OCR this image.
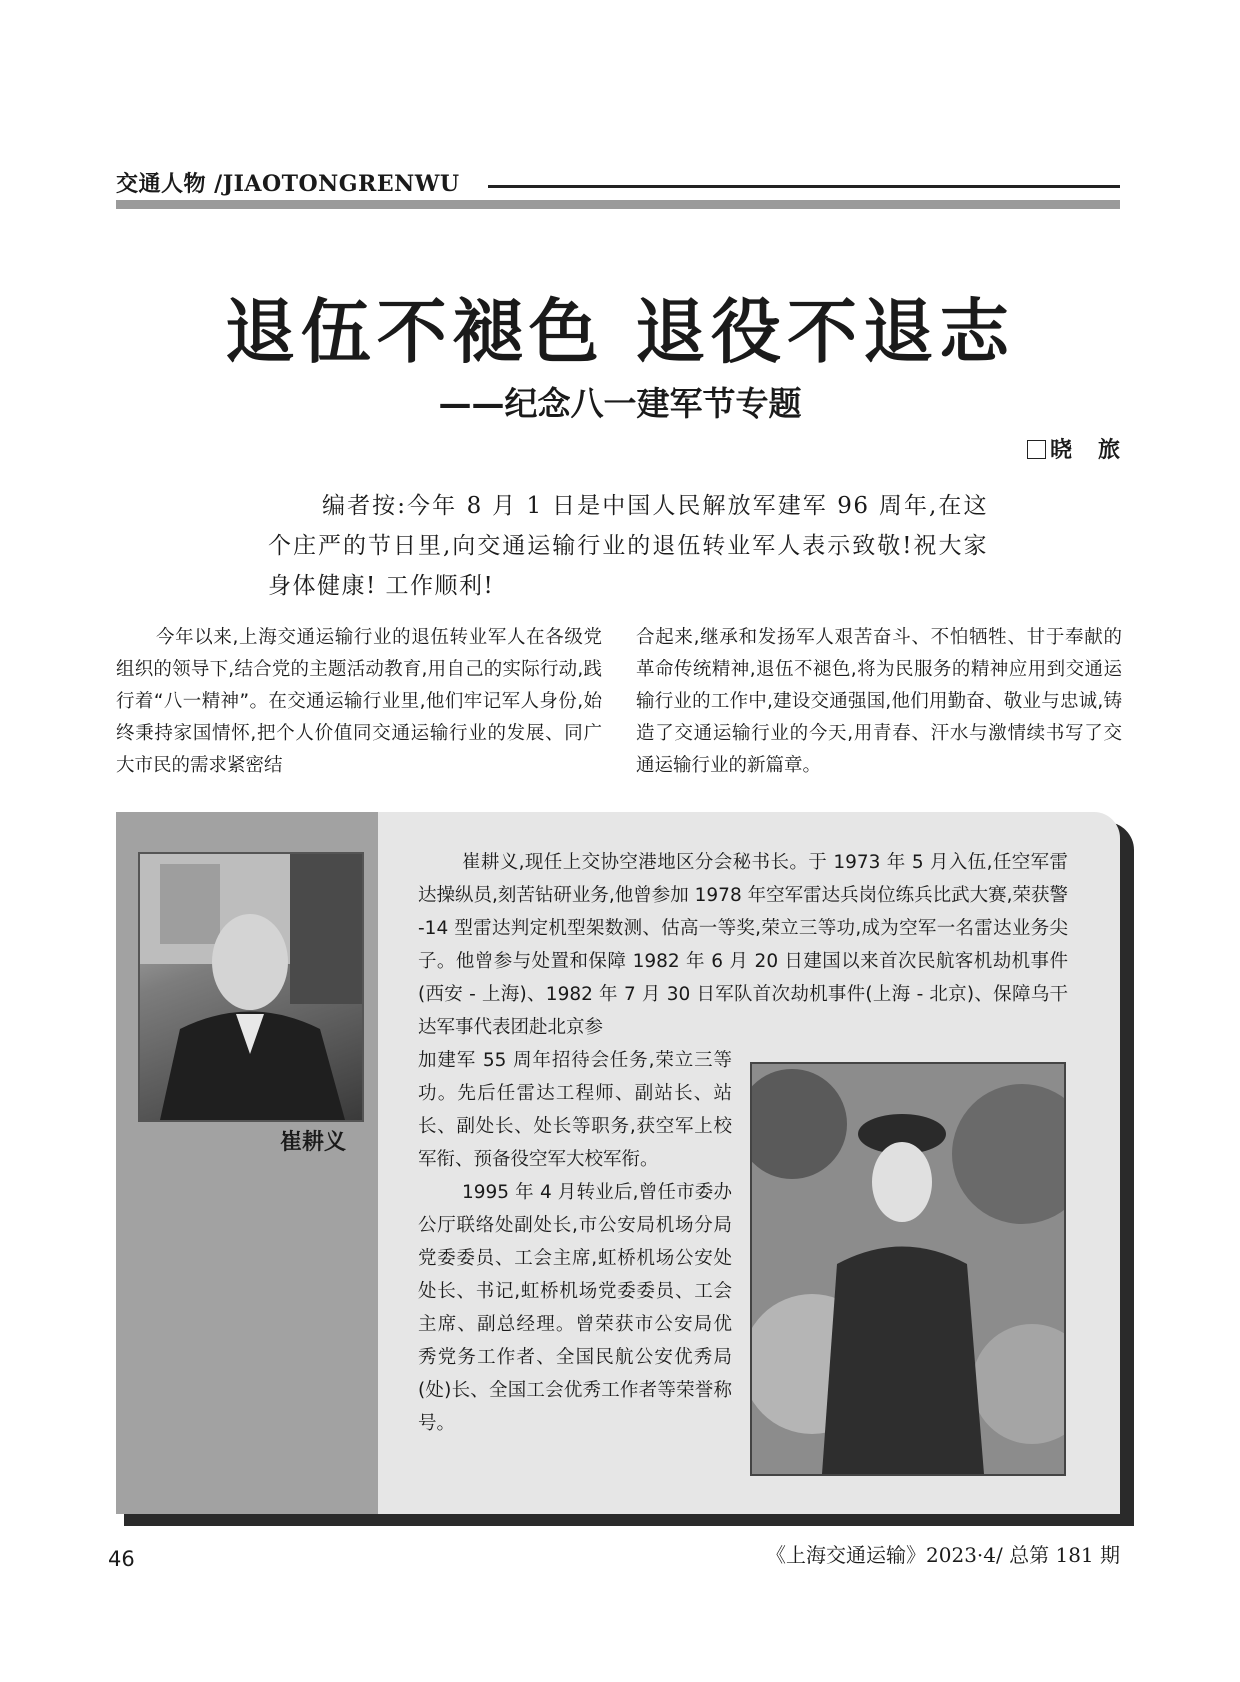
交通人物 /JIAOTONGRENWU
退伍不褪色 退役不退志
——纪念八一建军节专题
晓 旅
编者按:今年 8 月 1 日是中国人民解放军建军 96 周年,在这个庄严的节日里,向交通运输行业的退伍转业军人表示致敬!祝大家身体健康! 工作顺利!
今年以来,上海交通运输行业的退伍转业军人在各级党组织的领导下,结合党的主题活动教育,用自己的实际行动,践行着“八一精神”。在交通运输行业里,他们牢记军人身份,始终秉持家国情怀,把个人价值同交通运输行业的发展、同广大市民的需求紧密结
合起来,继承和发扬军人艰苦奋斗、不怕牺牲、甘于奉献的革命传统精神,退伍不褪色,将为民服务的精神应用到交通运输行业的工作中,建设交通强国,他们用勤奋、敬业与忠诚,铸造了交通运输行业的今天,用青春、汗水与激情续书写了交通运输行业的新篇章。
崔耕义
崔耕义,现任上交协空港地区分会秘书长。于 1973 年 5 月入伍,任空军雷达操纵员,刻苦钻研业务,他曾参加 1978 年空军雷达兵岗位练兵比武大赛,荣获警 -14 型雷达判定机型架数测、估高一等奖,荣立三等功,成为空军一名雷达业务尖子。他曾参与处置和保障 1982 年 6 月 20 日建国以来首次民航客机劫机事件 (西安 - 上海)、1982 年 7 月 30 日军队首次劫机事件(上海 - 北京)、保障乌干达军事代表团赴北京参

加建军 55 周年招待会任务,荣立三等功。先后任雷达工程师、副站长、站长、副处长、处长等职务,获空军上校军衔、预备役空军大校军衔。

1995 年 4 月转业后,曾任市委办公厅联络处副处长,市公安局机场分局党委委员、工会主席,虹桥机场公安处处长、书记,虹桥机场党委委员、工会主席、副总经理。曾荣获市公安局优秀党务工作者、全国民航公安优秀局(处)长、全国工会优秀工作者等荣誉称号。

46	《上海交通运输》2023·4/ 总第 181 期
